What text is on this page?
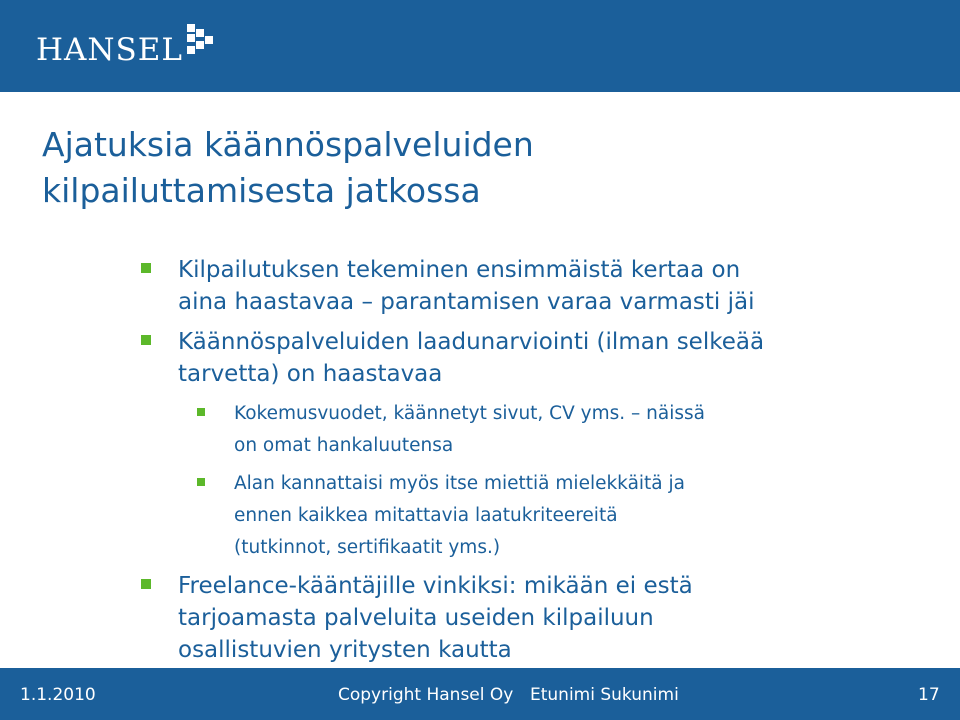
HANSEL
Ajatuksia käännöspalveluiden
kilpailuttamisesta jatkossa
Kilpailutuksen tekeminen ensimmäistä kertaa on
aina haastavaa – parantamisen varaa varmasti jäi
Käännöspalveluiden laadunarviointi (ilman selkeää
tarvetta) on haastavaa
Kokemusvuodet, käännetyt sivut, CV yms. – näissä
on omat hankaluutensa
Alan kannattaisi myös itse miettiä mielekkäitä ja
ennen kaikkea mitattavia laatukriteereitä
(tutkinnot, sertifikaatit yms.)
Freelance-kääntäjille vinkiksi: mikään ei estä
tarjoamasta palveluita useiden kilpailuun
osallistuvien yritysten kautta
1.1.2010	Copyright Hansel Oy Etunimi Sukunimi	17
